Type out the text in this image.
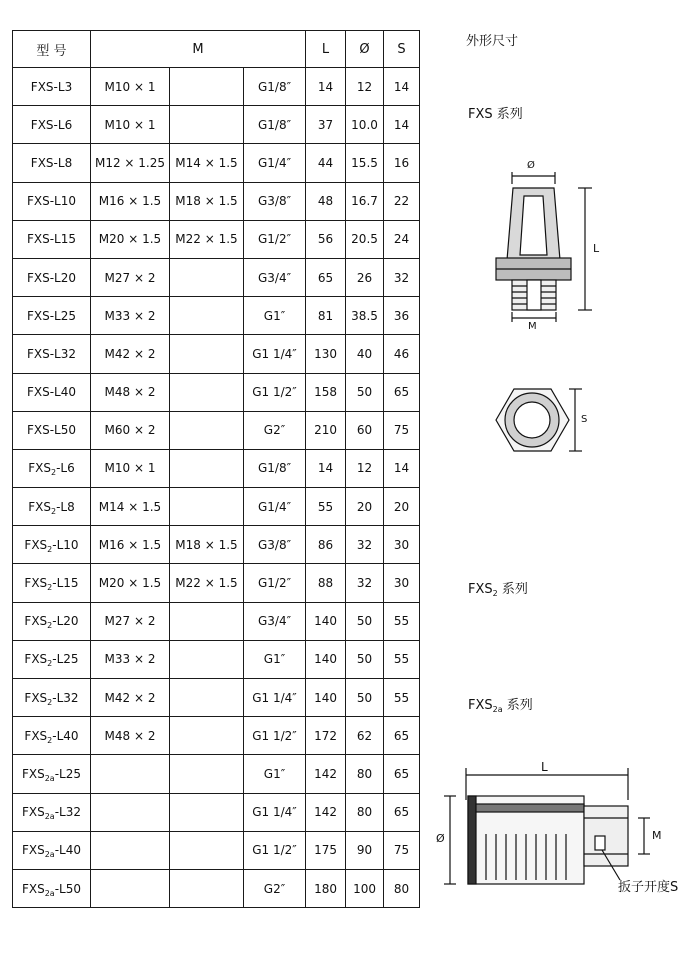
型 号	M			L	Ø	S
FXS-L3	M10 × 1		G1/8″	14	12	14
FXS-L6	M10 × 1		G1/8″	37	10.0	14
FXS-L8	M12 × 1.25	M14 × 1.5	G1/4″	44	15.5	16
FXS-L10	M16 × 1.5	M18 × 1.5	G3/8″	48	16.7	22
FXS-L15	M20 × 1.5	M22 × 1.5	G1/2″	56	20.5	24
FXS-L20	M27 × 2		G3/4″	65	26	32
FXS-L25	M33 × 2		G1″	81	38.5	36
FXS-L32	M42 × 2		G1 1/4″	130	40	46
FXS-L40	M48 × 2		G1 1/2″	158	50	65
FXS-L50	M60 × 2		G2″	210	60	75
$FXS_2-L6$	M10 × 1		G1/8″	14	12	14
$FXS_2-L8$	M14 × 1.5		G1/4″	55	20	20
$FXS_2-L10$	M16 × 1.5	M18 × 1.5	G3/8″	86	32	30
$FXS_2-L15$	M20 × 1.5	M22 × 1.5	G1/2″	88	32	30
$FXS_2-L20$	M27 × 2		G3/4″	140	50	55
$FXS_2-L25$	M33 × 2		G1″	140	50	55
$FXS_2-L32$	M42 × 2		G1 1/4″	140	50	55
$FXS_2-L40$	M48 × 2		G1 1/2″	172	62	65
$FXS_{2a}-L25$			G1″	142	80	65
$FXS_{2a}-L32$			G1 1/4″	142	80	65
$FXS_{2a}-L40$			G1 1/2″	175	90	75
$FXS_{2a}-L50$			G2″	180	100	80
外形尺寸
FXS 系列
$FXS_2$ 系列
$FXS_{2a}$ 系列
Ø
L
M
S
L
Ø	M
扳子开度S
